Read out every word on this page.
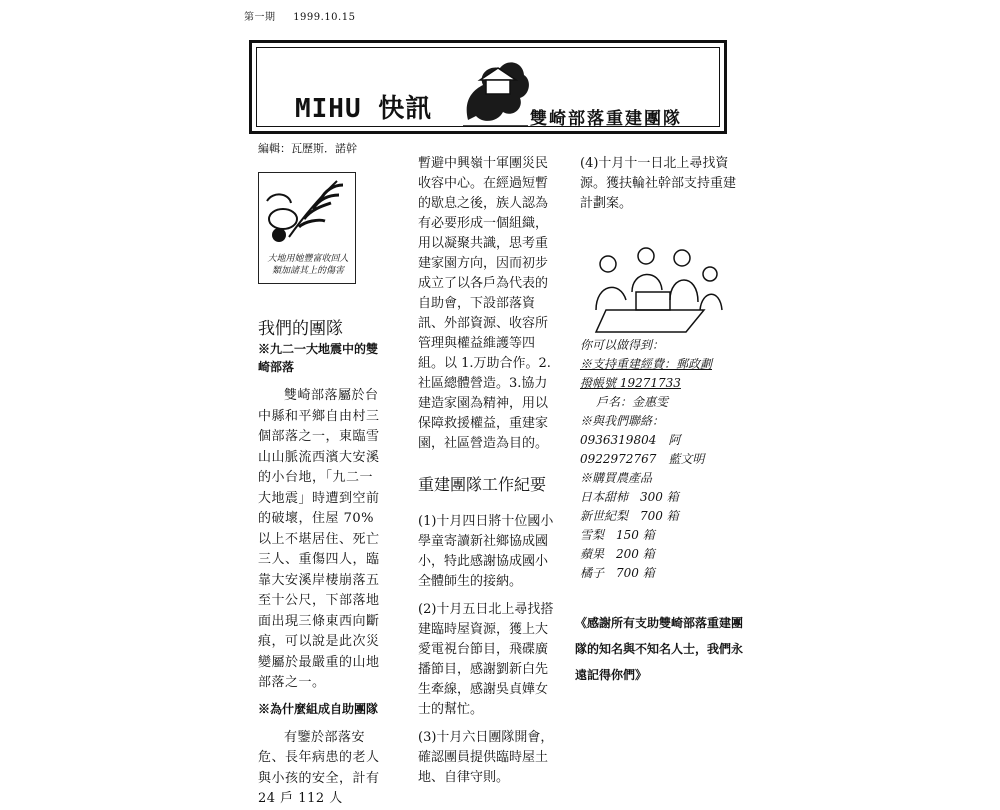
第一期 1999.10.15
MIHU 快訊	雙崎部落重建團隊
編輯：瓦歷斯．諾幹
大地用她豐富收回人
類加諸其上的傷害
我們的團隊
※九二一大地震中的雙崎部落

雙崎部落屬於台中縣和平鄉自由村三個部落之一，東臨雪山山脈流西濱大安溪的小台地，「九二一大地震」時遭到空前的破壞，住屋 70%以上不堪居住、死亡三人、重傷四人，臨靠大安溪岸棲崩落五至十公尺，下部落地面出現三條東西向斷痕，可以說是此次災變屬於最嚴重的山地部落之一。

※為什麼組成自助團隊

有鑒於部落安危、長年病患的老人與小孩的安全，計有 24 戶 112 人

暫避中興嶺十軍團災民收容中心。在經過短暫的歇息之後，族人認為有必要形成一個組織，用以凝聚共識，思考重建家園方向，因而初步成立了以各戶為代表的自助會，下設部落資訊、外部資源、收容所管理與權益維護等四組。以 1.万助合作。2.社區總體營造。3.協力建造家園為精神，用以保障救援權益，重建家園，社區營造為目的。

重建團隊工作紀要
(1)十月四日將十位國小學童寄讀新社鄉協成國小，特此感謝協成國小全體師生的接納。
(2)十月五日北上尋找搭建臨時屋資源，獲上大愛電視台節目，飛碟廣播節目，感謝劉新白先生牽線，感謝吳貞嬅女士的幫忙。
(3)十月六日團隊開會，確認團員提供臨時屋土地、自律守則。

(4)十月十一日北上尋找資源。獲扶輪社幹部支持重建計劃案。

你可以做得到：
※支持重建經費：郵政劃
撥帳號 19271733
戶名：金惠雯
※與我們聯絡：
0936319804　阿
0922972767　藍文明
※購買農產品
日本甜柿　300 箱
新世紀梨　700 箱
雪梨　150 箱
蘋果　200 箱
橘子　700 箱
《感謝所有支助雙崎部落重建團隊的知名與不知名人士，我們永遠記得你們》
